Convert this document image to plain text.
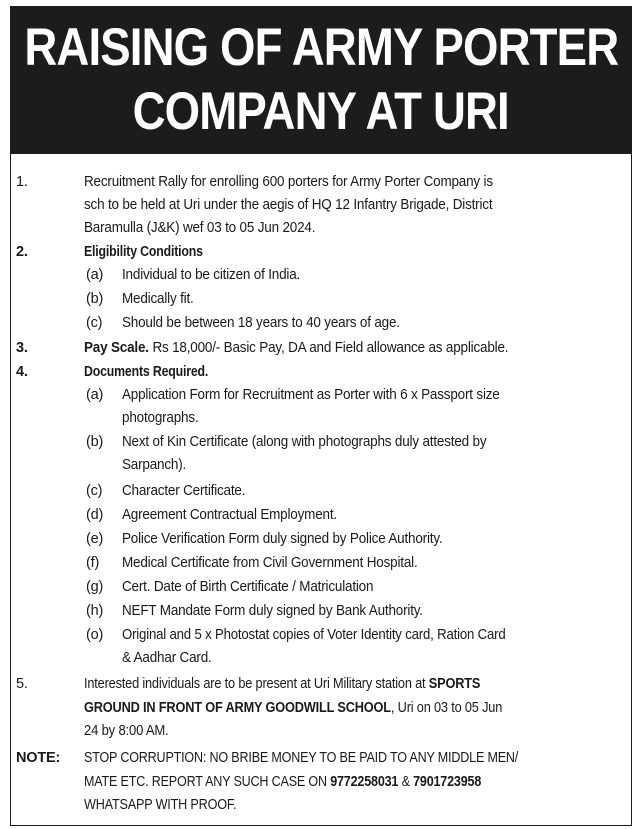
RAISING OF ARMY PORTER
COMPANY AT URI
1.	Recruitment Rally for enrolling 600 porters for Army Porter Company is
sch to be held at Uri under the aegis of HQ 12 Infantry Brigade, District
Baramulla (J&K) wef 03 to 05 Jun 2024.
2.	Eligibility Conditions
(a) Individual to be citizen of India.
(b) Medically fit.
(c) Should be between 18 years to 40 years of age.
3.	Pay Scale. Rs 18,000/- Basic Pay, DA and Field allowance as applicable.
4.	Documents Required.
(a) Application Form for Recruitment as Porter with 6 x Passport size
photographs.
(b) Next of Kin Certificate (along with photographs duly attested by
Sarpanch).
(c) Character Certificate.
(d) Agreement Contractual Employment.
(e) Police Verification Form duly signed by Police Authority.
(f) Medical Certificate from Civil Government Hospital.
(g) Cert. Date of Birth Certificate / Matriculation
(h) NEFT Mandate Form duly signed by Bank Authority.
(o) Original and 5 x Photostat copies of Voter Identity card, Ration Card
& Aadhar Card.
5.	Interested individuals are to be present at Uri Military station at SPORTS
GROUND IN FRONT OF ARMY GOODWILL SCHOOL, Uri on 03 to 05 Jun
24 by 8:00 AM.
NOTE: STOP CORRUPTION: NO BRIBE MONEY TO BE PAID TO ANY MIDDLE MEN/
MATE ETC. REPORT ANY SUCH CASE ON 9772258031 & 7901723958
WHATSAPP WITH PROOF.
